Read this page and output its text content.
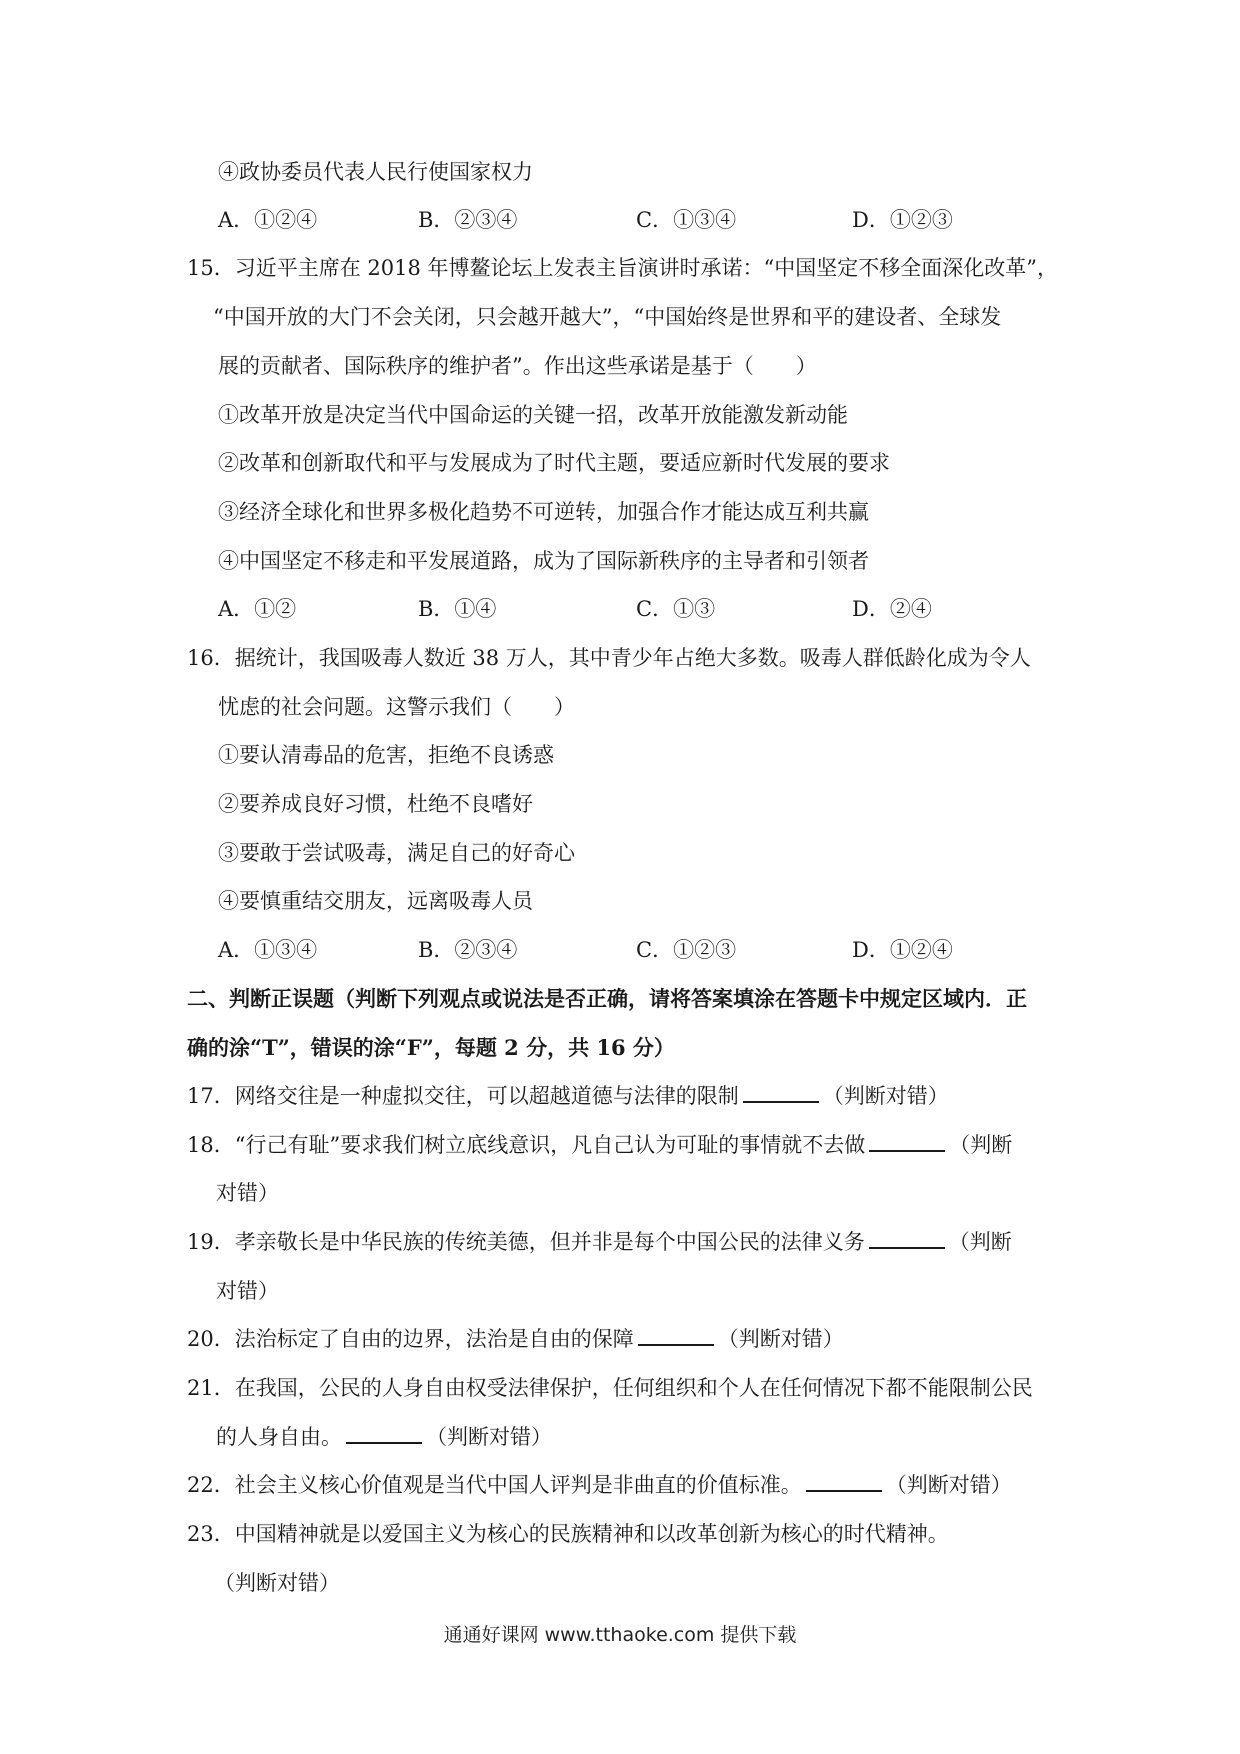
④政协委员代表人民行使国家权力
A．①②④	B．②③④	C．①③④	D．①②③
15．习近平主席在 2018 年博鳌论坛上发表主旨演讲时承诺：“中国坚定不移全面深化改革”，
“中国开放的大门不会关闭，只会越开越大”，“中国始终是世界和平的建设者、全球发
展的贡献者、国际秩序的维护者”。作出这些承诺是基于（　　）
①改革开放是决定当代中国命运的关键一招，改革开放能激发新动能
②改革和创新取代和平与发展成为了时代主题，要适应新时代发展的要求
③经济全球化和世界多极化趋势不可逆转，加强合作才能达成互利共赢
④中国坚定不移走和平发展道路，成为了国际新秩序的主导者和引领者
A．①②	B．①④	C．①③	D．②④
16．据统计，我国吸毒人数近 38 万人，其中青少年占绝大多数。吸毒人群低龄化成为令人
忧虑的社会问题。这警示我们（　　）
①要认清毒品的危害，拒绝不良诱惑
②要养成良好习惯，杜绝不良嗜好
③要敢于尝试吸毒，满足自己的好奇心
④要慎重结交朋友，远离吸毒人员
A．①③④	B．②③④	C．①②③	D．①②④
二、判断正误题（判断下列观点或说法是否正确，请将答案填涂在答题卡中规定区域内．正
确的涂“T”，错误的涂“F”，每题 2 分，共 16 分）
17．网络交往是一种虚拟交往，可以超越道德与法律的限制	（判断对错）
18．“行己有耻”要求我们树立底线意识，凡自己认为可耻的事情就不去做	（判断
对错）
19．孝亲敬长是中华民族的传统美德，但并非是每个中国公民的法律义务	（判断
对错）
20．法治标定了自由的边界，法治是自由的保障	（判断对错）
21．在我国，公民的人身自由权受法律保护，任何组织和个人在任何情况下都不能限制公民
的人身自由。	（判断对错）
22．社会主义核心价值观是当代中国人评判是非曲直的价值标准。	（判断对错）
23．中国精神就是以爱国主义为核心的民族精神和以改革创新为核心的时代精神。
（判断对错）
通通好课网 www.tthaoke.com 提供下载
